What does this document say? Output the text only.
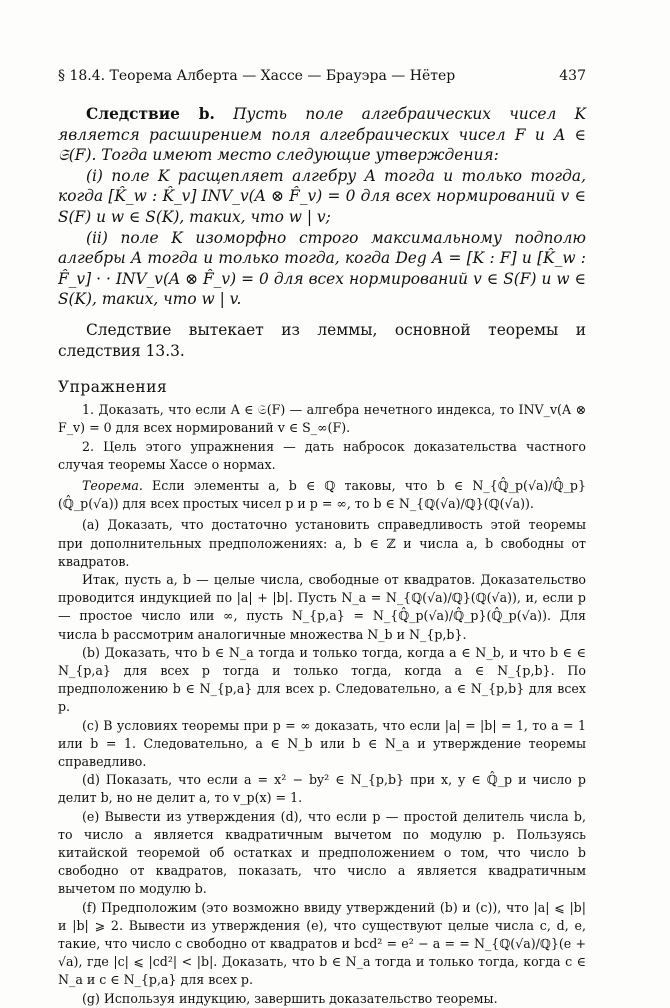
§ 18.4. Теорема Алберта — Хассе — Брауэра — Нётер	437

Следствие b. Пусть поле алгебраических чисел K является расширением поля алгебраических чисел F и A ∈ 𝔖(F). Тогда имеют место следующие утверждения:

(i) поле K расщепляет алгебру A тогда и только тогда, когда [K̂_w : K̂_v] INV_v(A ⊗ F̂_v) = 0 для всех нормирований v ∈ S(F) и w ∈ S(K), таких, что w | v;

(ii) поле K изоморфно строго максимальному подполю алгебры A тогда и только тогда, когда Deg A = [K : F] и [K̂_w : F̂_v] · · INV_v(A ⊗ F̂_v) = 0 для всех нормирований v ∈ S(F) и w ∈ S(K), таких, что w | v.

Следствие вытекает из леммы, основной теоремы и следствия 13.3.

Упражнения

1. Доказать, что если A ∈ 𝔖(F) — алгебра нечетного индекса, то INV_v(A ⊗ F_v) = 0 для всех нормирований v ∈ S_∞(F).

2. Цель этого упражнения — дать набросок доказательства частного случая теоремы Хассе о нормах.

Теорема. Если элементы a, b ∈ ℚ таковы, что b ∈ N_{ℚ̂_p(√a)/ℚ̂_p}(ℚ̂_p(√a)) для всех простых чисел p и p = ∞, то b ∈ N_{ℚ(√a)/ℚ}(ℚ(√a)).

(a) Доказать, что достаточно установить справедливость этой теоремы при дополнительных предположениях: a, b ∈ ℤ и числа a, b свободны от квадратов.

Итак, пусть a, b — целые числа, свободные от квадратов. Доказательство проводится индукцией по |a| + |b|. Пусть N_a = N_{ℚ(√a)/ℚ}(ℚ(√a)), и, если p — простое число или ∞, пусть N_{p,a} = N_{ℚ̂_p(√a)/ℚ̂_p}(ℚ̂_p(√a)). Для числа b рассмотрим аналогичные множества N_b и N_{p,b}.

(b) Доказать, что b ∈ N_a тогда и только тогда, когда a ∈ N_b, и что b ∈ ∈ N_{p,a} для всех p тогда и только тогда, когда a ∈ N_{p,b}. По предположению b ∈ N_{p,a} для всех p. Следовательно, a ∈ N_{p,b} для всех p.

(c) В условиях теоремы при p = ∞ доказать, что если |a| = |b| = 1, то a = 1 или b = 1. Следовательно, a ∈ N_b или b ∈ N_a и утверждение теоремы справедливо.

(d) Показать, что если a = x² − by² ∈ N_{p,b} при x, y ∈ ℚ̂_p и число p делит b, но не делит a, то v_p(x) = 1.

(e) Вывести из утверждения (d), что если p — простой делитель числа b, то число a является квадратичным вычетом по модулю p. Пользуясь китайской теоремой об остатках и предположением о том, что число b свободно от квадратов, показать, что число a является квадратичным вычетом по модулю b.

(f) Предположим (это возможно ввиду утверждений (b) и (c)), что |a| ⩽ |b| и |b| ⩾ 2. Вывести из утверждения (e), что существуют целые числа c, d, e, такие, что число c свободно от квадратов и bcd² = e² − a = = N_{ℚ(√a)/ℚ}(e + √a), где |c| ⩽ |cd²| < |b|. Доказать, что b ∈ N_a тогда и только тогда, когда c ∈ N_a и c ∈ N_{p,a} для всех p.

(g) Используя индукцию, завершить доказательство теоремы.
